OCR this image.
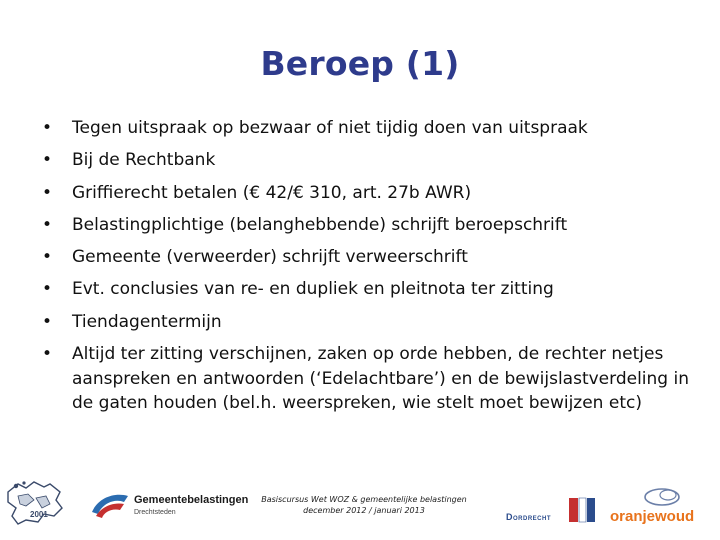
Beroep (1)
• Tegen uitspraak op bezwaar of niet tijdig doen van uitspraak
• Bij de Rechtbank
• Griffierecht betalen (€ 42/€ 310, art. 27b AWR)
• Belastingplichtige (belanghebbende) schrijft beroepschrift
• Gemeente (verweerder) schrijft verweerschrift
• Evt. conclusies van re- en dupliek en pleitnota ter zitting
• Tiendagentermijn
• Altijd ter zitting verschijnen, zaken op orde hebben, de rechter netjes aanspreken en antwoorden (‘Edelachtbare’) en de bewijslastverdeling in de gaten houden (bel.h. weerspreken, wie stelt moet bewijzen etc)
2001
Gemeentebelastingen
Drechtsteden
Basiscursus Wet WOZ & gemeentelijke belastingen
december 2012 / januari 2013
Dordrecht	oranjewoud
